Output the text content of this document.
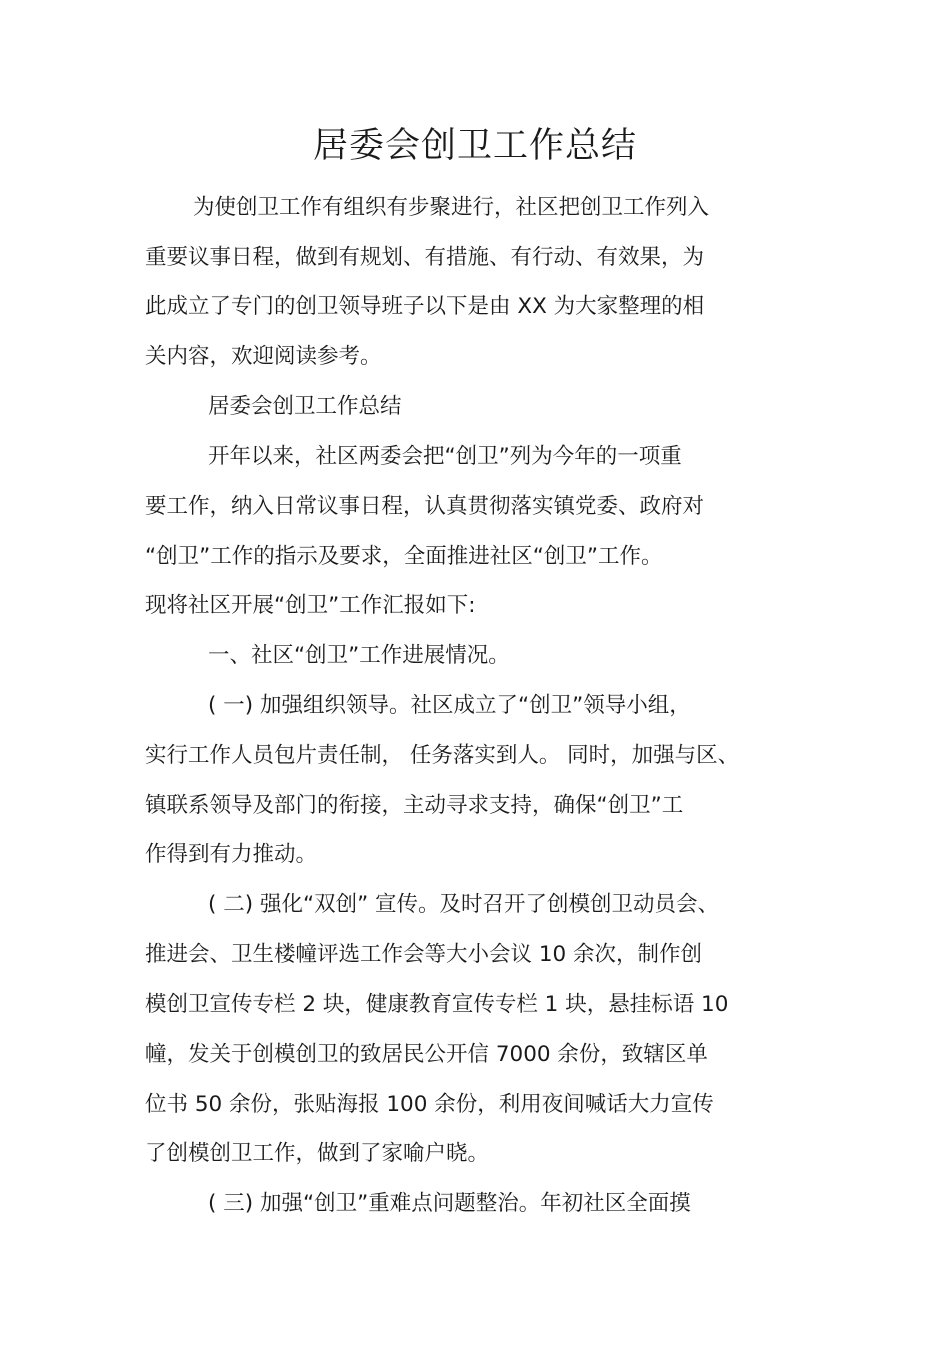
居委会创卫工作总结

为使创卫工作有组织有步聚进行，社区把创卫工作列入

重要议事日程，做到有规划、有措施、有行动、有效果，为

此成立了专门的创卫领导班子以下是由 XX 为大家整理的相

关内容，欢迎阅读参考。

居委会创卫工作总结

开年以来，社区两委会把“创卫”列为今年的一项重

要工作，纳入日常议事日程，认真贯彻落实镇党委、政府对

“创卫”工作的指示及要求，全面推进社区“创卫”工作。

现将社区开展“创卫”工作汇报如下:

一、社区“创卫”工作进展情况。

( 一) 加强组织领导。社区成立了“创卫”领导小组，

实行工作人员包片责任制， 任务落实到人。 同时，加强与区、

镇联系领导及部门的衔接，主动寻求支持，确保“创卫”工

作得到有力推动。

( 二) 强化“双创” 宣传。及时召开了创模创卫动员会、

推进会、卫生楼幢评选工作会等大小会议 10 余次，制作创

模创卫宣传专栏 2 块，健康教育宣传专栏 1 块，悬挂标语 10

幢，发关于创模创卫的致居民公开信 7000 余份，致辖区单

位书 50 余份，张贴海报 100 余份，利用夜间喊话大力宣传

了创模创卫工作，做到了家喻户晓。

( 三) 加强“创卫”重难点问题整治。年初社区全面摸
